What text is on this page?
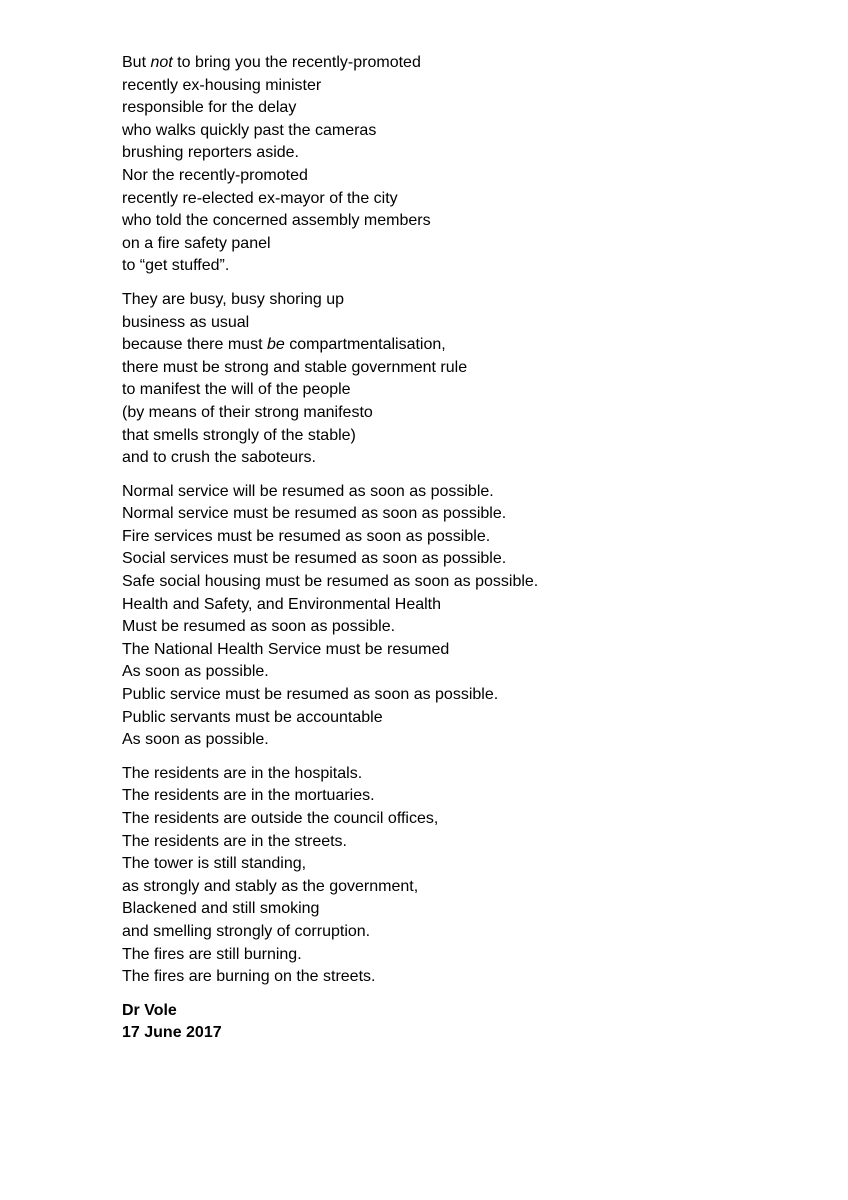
But not to bring you the recently-promoted
recently ex-housing minister
responsible for the delay
who walks quickly past the cameras
brushing reporters aside.
Nor the recently-promoted
recently re-elected ex-mayor of the city
who told the concerned assembly members
on a fire safety panel
to “get stuffed”.
They are busy, busy shoring up
business as usual
because there must be compartmentalisation,
there must be strong and stable government rule
to manifest the will of the people
(by means of their strong manifesto
that smells strongly of the stable)
and to crush the saboteurs.
Normal service will be resumed as soon as possible.
Normal service must be resumed as soon as possible.
Fire services must be resumed as soon as possible.
Social services must be resumed as soon as possible.
Safe social housing must be resumed as soon as possible.
Health and Safety, and Environmental Health
Must be resumed as soon as possible.
The National Health Service must be resumed
As soon as possible.
Public service must be resumed as soon as possible.
Public servants must be accountable
As soon as possible.
The residents are in the hospitals.
The residents are in the mortuaries.
The residents are outside the council offices,
The residents are in the streets.
The tower is still standing,
as strongly and stably as the government,
Blackened and still smoking
and smelling strongly of corruption.
The fires are still burning.
The fires are burning on the streets.
Dr Vole
17 June 2017
